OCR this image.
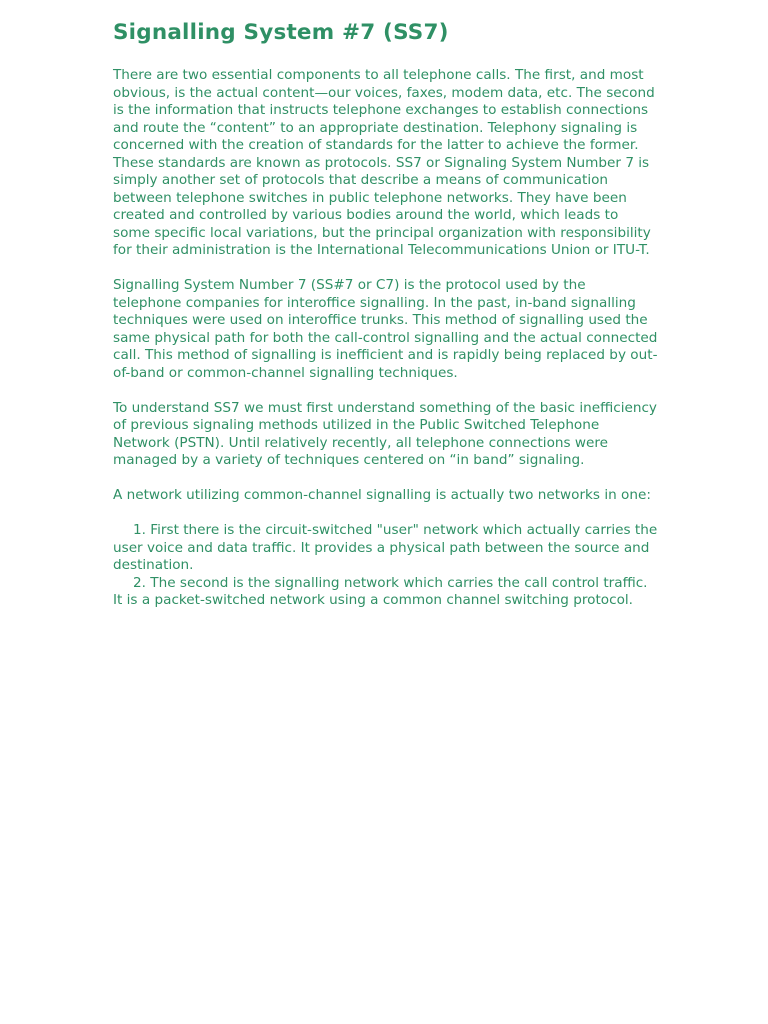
Signalling System #7 (SS7)

There are two essential components to all telephone calls. The first, and most obvious, is the actual content—our voices, faxes, modem data, etc. The second is the information that instructs telephone exchanges to establish connections and route the “content” to an appropriate destination. Telephony signaling is concerned with the creation of standards for the latter to achieve the former. These standards are known as protocols. SS7 or Signaling System Number 7 is simply another set of protocols that describe a means of communication between telephone switches in public telephone networks. They have been created and controlled by various bodies around the world, which leads to some specific local variations, but the principal organization with responsibility for their administration is the International Telecommunications Union or ITU-T.

Signalling System Number 7 (SS#7 or C7) is the protocol used by the telephone companies for interoffice signalling. In the past, in-band signalling techniques were used on interoffice trunks. This method of signalling used the same physical path for both the call-control signalling and the actual connected call. This method of signalling is inefficient and is rapidly being replaced by out-of-band or common-channel signalling techniques.

To understand SS7 we must first understand something of the basic inefficiency of previous signaling methods utilized in the Public Switched Telephone Network (PSTN). Until relatively recently, all telephone connections were managed by a variety of techniques centered on “in band” signaling.

A network utilizing common-channel signalling is actually two networks in one:

1. First there is the circuit-switched "user" network which actually carries the user voice and data traffic. It provides a physical path between the source and destination.
2. The second is the signalling network which carries the call control traffic. It is a packet-switched network using a common channel switching protocol.
